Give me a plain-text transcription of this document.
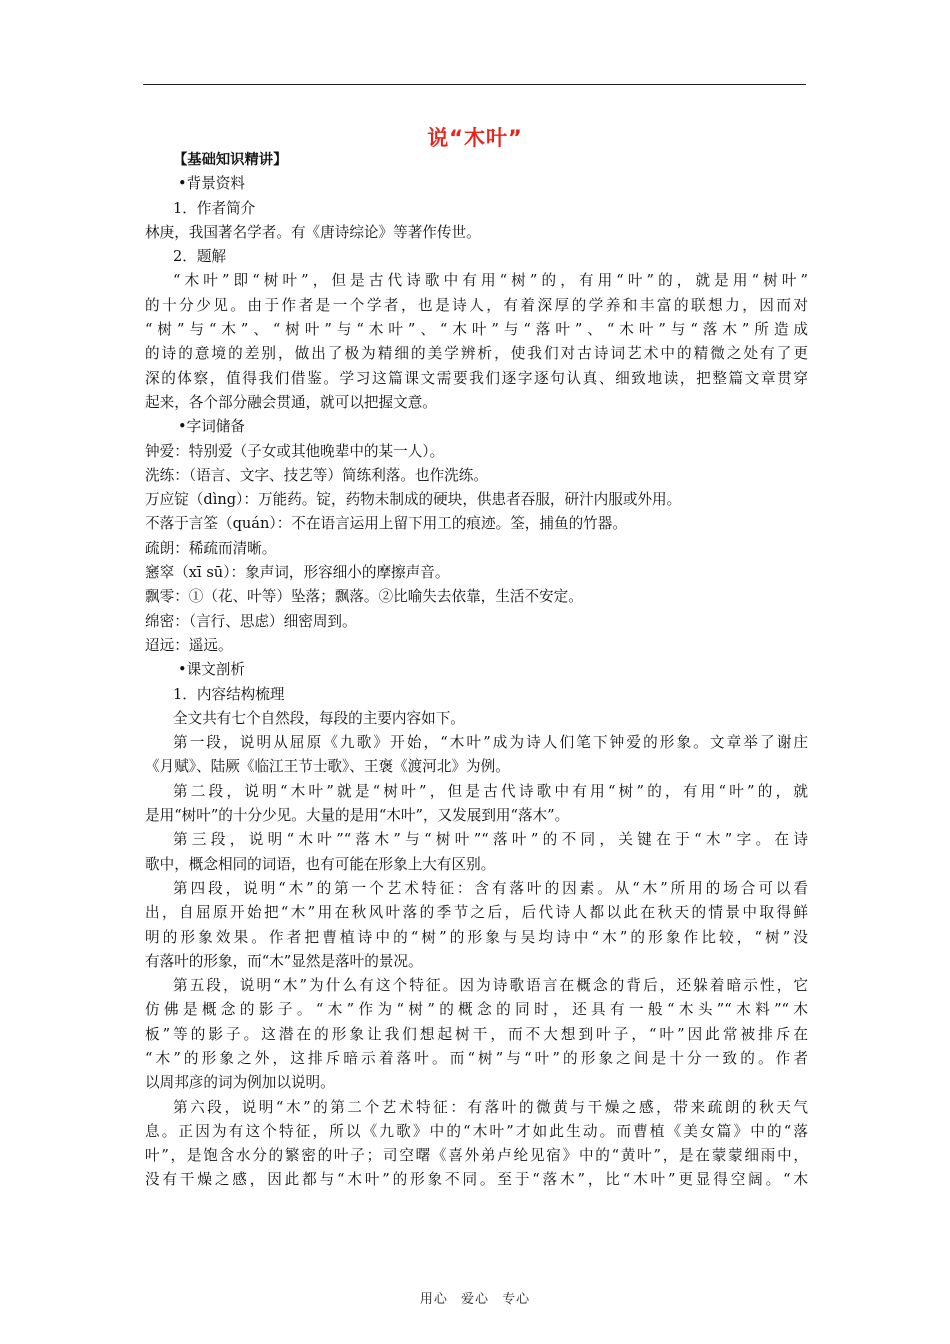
说“木叶”
【基础知识精讲】
•背景资料
1．作者简介
林庚，我国著名学者。有《唐诗综论》等著作传世。
2．题解
“木叶”即“树叶”，但是古代诗歌中有用“树”的，有用“叶”的，就是用“树叶”
的十分少见。由于作者是一个学者，也是诗人，有着深厚的学养和丰富的联想力，因而对
“树”与“木”、“树叶”与“木叶”、“木叶”与“落叶”、“木叶”与“落木”所造成
的诗的意境的差别，做出了极为精细的美学辨析，使我们对古诗词艺术中的精微之处有了更
深的体察，值得我们借鉴。学习这篇课文需要我们逐字逐句认真、细致地读，把整篇文章贯穿
起来，各个部分融会贯通，就可以把握文意。
•字词储备
钟爱：特别爱（子女或其他晚辈中的某一人）。
洗练：（语言、文字、技艺等）简练利落。也作洗练。
万应锭（dìng）：万能药。锭，药物未制成的硬块，供患者吞服，研汁内服或外用。
不落于言筌（quán）：不在语言运用上留下用工的痕迹。筌，捕鱼的竹器。
疏朗：稀疏而清晰。
窸窣（xī sū）：象声词，形容细小的摩擦声音。
飘零：①（花、叶等）坠落；飘落。②比喻失去依靠，生活不安定。
绵密：（言行、思虑）细密周到。
迢远：遥远。
•课文剖析
1．内容结构梳理
全文共有七个自然段，每段的主要内容如下。
第一段，说明从屈原《九歌》开始，“木叶”成为诗人们笔下钟爱的形象。文章举了谢庄
《月赋》、陆厥《临江王节士歌》、王褒《渡河北》为例。
第二段，说明“木叶”就是“树叶”，但是古代诗歌中有用“树”的，有用“叶”的，就
是用“树叶”的十分少见。大量的是用“木叶”，又发展到用“落木”。
第三段，说明“木叶”“落木”与“树叶”“落叶”的不同，关键在于“木”字。在诗
歌中，概念相同的词语，也有可能在形象上大有区别。
第四段，说明“木”的第一个艺术特征：含有落叶的因素。从“木”所用的场合可以看
出，自屈原开始把“木”用在秋风叶落的季节之后，后代诗人都以此在秋天的情景中取得鲜
明的形象效果。作者把曹植诗中的“树”的形象与吴均诗中“木”的形象作比较，“树”没
有落叶的形象，而“木”显然是落叶的景况。
第五段，说明“木”为什么有这个特征。因为诗歌语言在概念的背后，还躲着暗示性，它
仿佛是概念的影子。“木”作为“树”的概念的同时，还具有一般“木头”“木料”“木
板”等的影子。这潜在的形象让我们想起树干，而不大想到叶子，“叶”因此常被排斥在
“木”的形象之外，这排斥暗示着落叶。而“树”与“叶”的形象之间是十分一致的。作者
以周邦彦的词为例加以说明。
第六段，说明“木”的第二个艺术特征：有落叶的微黄与干燥之感，带来疏朗的秋天气
息。正因为有这个特征，所以《九歌》中的“木叶”才如此生动。而曹植《美女篇》中的“落
叶”，是饱含水分的繁密的叶子；司空曙《喜外弟卢纶见宿》中的“黄叶”，是在蒙蒙细雨中，
没有干燥之感，因此都与“木叶”的形象不同。至于“落木”，比“木叶”更显得空阔。“木
用心 爱心 专心
